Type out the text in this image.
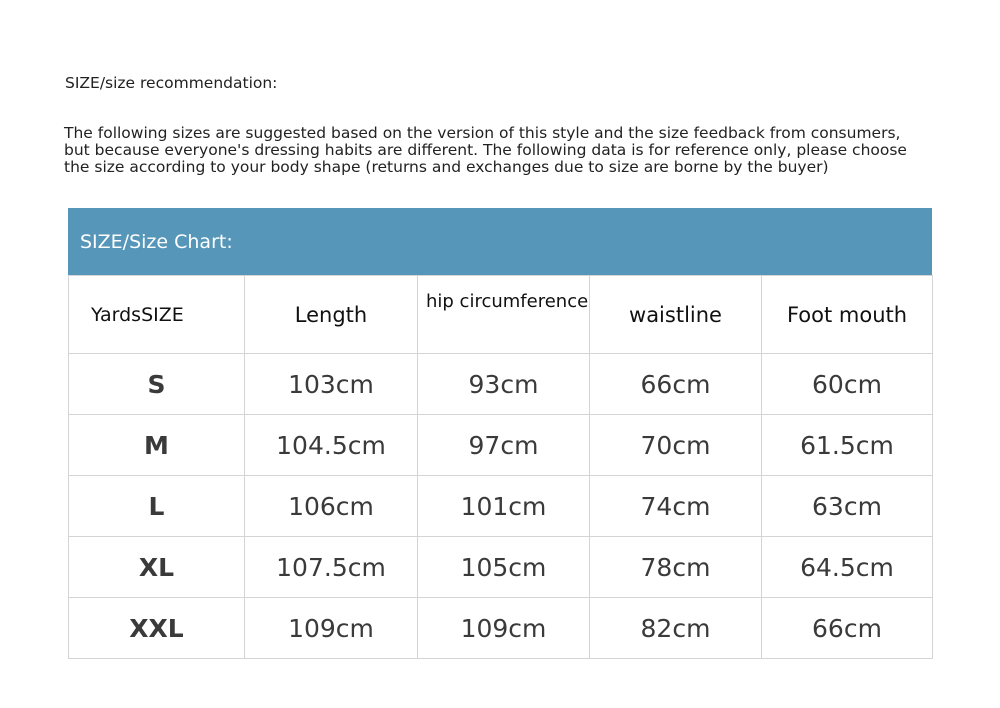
SIZE/size recommendation:
The following sizes are suggested based on the version of this style and the size feedback from consumers,
but because everyone's dressing habits are different. The following data is for reference only, please choose
the size according to your body shape (returns and exchanges due to size are borne by the buyer)
SIZE/Size Chart:
YardsSIZE	Length	hip circumference	waistline	Foot mouth
S	103cm	93cm	66cm	60cm
M	104.5cm	97cm	70cm	61.5cm
L	106cm	101cm	74cm	63cm
XL	107.5cm	105cm	78cm	64.5cm
XXL	109cm	109cm	82cm	66cm
